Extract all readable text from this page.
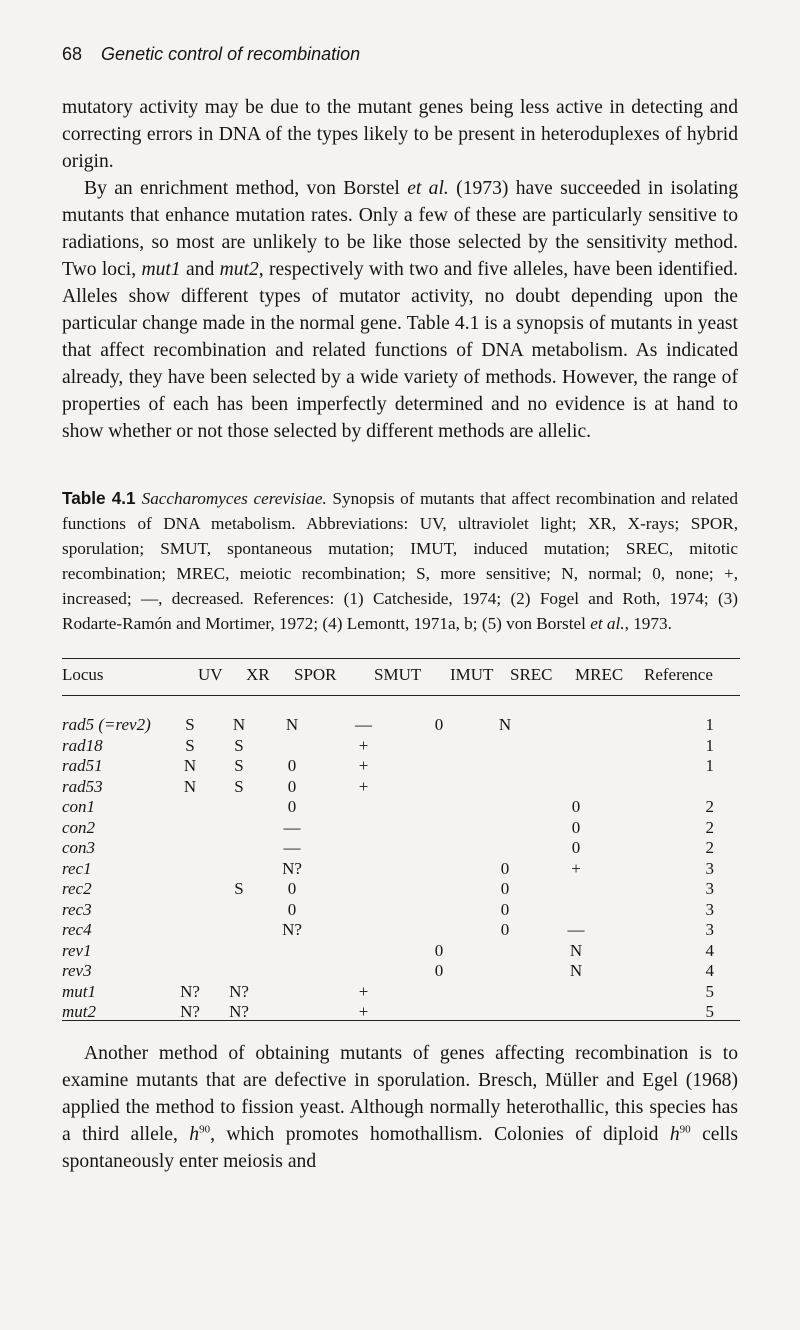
68 Genetic control of recombination

mutatory activity may be due to the mutant genes being less active in detecting and correcting errors in DNA of the types likely to be present in heteroduplexes of hybrid origin.

By an enrichment method, von Borstel et al. (1973) have succeeded in isolating mutants that enhance mutation rates. Only a few of these are particularly sensitive to radiations, so most are unlikely to be like those selected by the sensitivity method. Two loci, mut1 and mut2, respectively with two and five alleles, have been identified. Alleles show different types of mutator activity, no doubt depending upon the particular change made in the normal gene. Table 4.1 is a synopsis of mutants in yeast that affect recombination and related functions of DNA metabolism. As indicated already, they have been selected by a wide variety of methods. However, the range of properties of each has been imperfectly determined and no evidence is at hand to show whether or not those selected by different methods are allelic.

Table 4.1 Saccharomyces cerevisiae. Synopsis of mutants that affect recombination and related functions of DNA metabolism. Abbreviations: UV, ultraviolet light; XR, X-rays; SPOR, sporulation; SMUT, spontaneous mutation; IMUT, induced mutation; SREC, mitotic recombination; MREC, meiotic recombination; S, more sensitive; N, normal; 0, none; +, increased; —, decreased. References: (1) Catcheside, 1974; (2) Fogel and Roth, 1974; (3) Rodarte-Ramón and Mortimer, 1972; (4) Lemontt, 1971a, b; (5) von Borstel et al., 1973.
Locus	UV XR SPOR SMUT IMUT SREC MREC Reference
rad5 (=rev2)	S	N	N	—	0	N		1
rad18	S	S		+				1
rad51	N	S	0	+				1
rad53	N	S	0	+				
con1			0				0	2
con2			—				0	2
con3			—				0	2
rec1			N?			0	+	3
rec2		S	0			0		3
rec3			0			0		3
rec4			N?			0	—	3
rev1					0		N	4
rev3					0		N	4
mut1	N?	N?		+				5
mut2	N?	N?		+				5

Another method of obtaining mutants of genes affecting recombination is to examine mutants that are defective in sporulation. Bresch, Müller and Egel (1968) applied the method to fission yeast. Although normally heterothallic, this species has a third allele, $h^{90}$, which promotes homothallism. Colonies of diploid $h^{90}$ cells spontaneously enter meiosis and
